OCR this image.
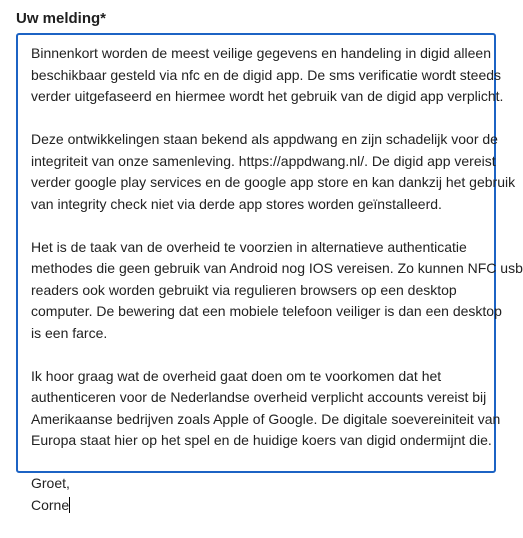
Uw melding*
Binnenkort worden de meest veilige gegevens en handeling in digid alleen
beschikbaar gesteld via nfc en de digid app. De sms verificatie wordt steeds
verder uitgefaseerd en hiermee wordt het gebruik van de digid app verplicht.
Deze ontwikkelingen staan bekend als appdwang en zijn schadelijk voor de
integriteit van onze samenleving. https://appdwang.nl/. De digid app vereist
verder google play services en de google app store en kan dankzij het gebruik
van integrity check niet via derde app stores worden geïnstalleerd.
Het is de taak van de overheid te voorzien in alternatieve authenticatie
methodes die geen gebruik van Android nog IOS vereisen. Zo kunnen NFC usb
readers ook worden gebruikt via regulieren browsers op een desktop
computer. De bewering dat een mobiele telefoon veiliger is dan een desktop
is een farce.
Ik hoor graag wat de overheid gaat doen om te voorkomen dat het
authenticeren voor de Nederlandse overheid verplicht accounts vereist bij
Amerikaanse bedrijven zoals Apple of Google. De digitale soevereiniteit van
Europa staat hier op het spel en de huidige koers van digid ondermijnt die.
Groet,
Corne
